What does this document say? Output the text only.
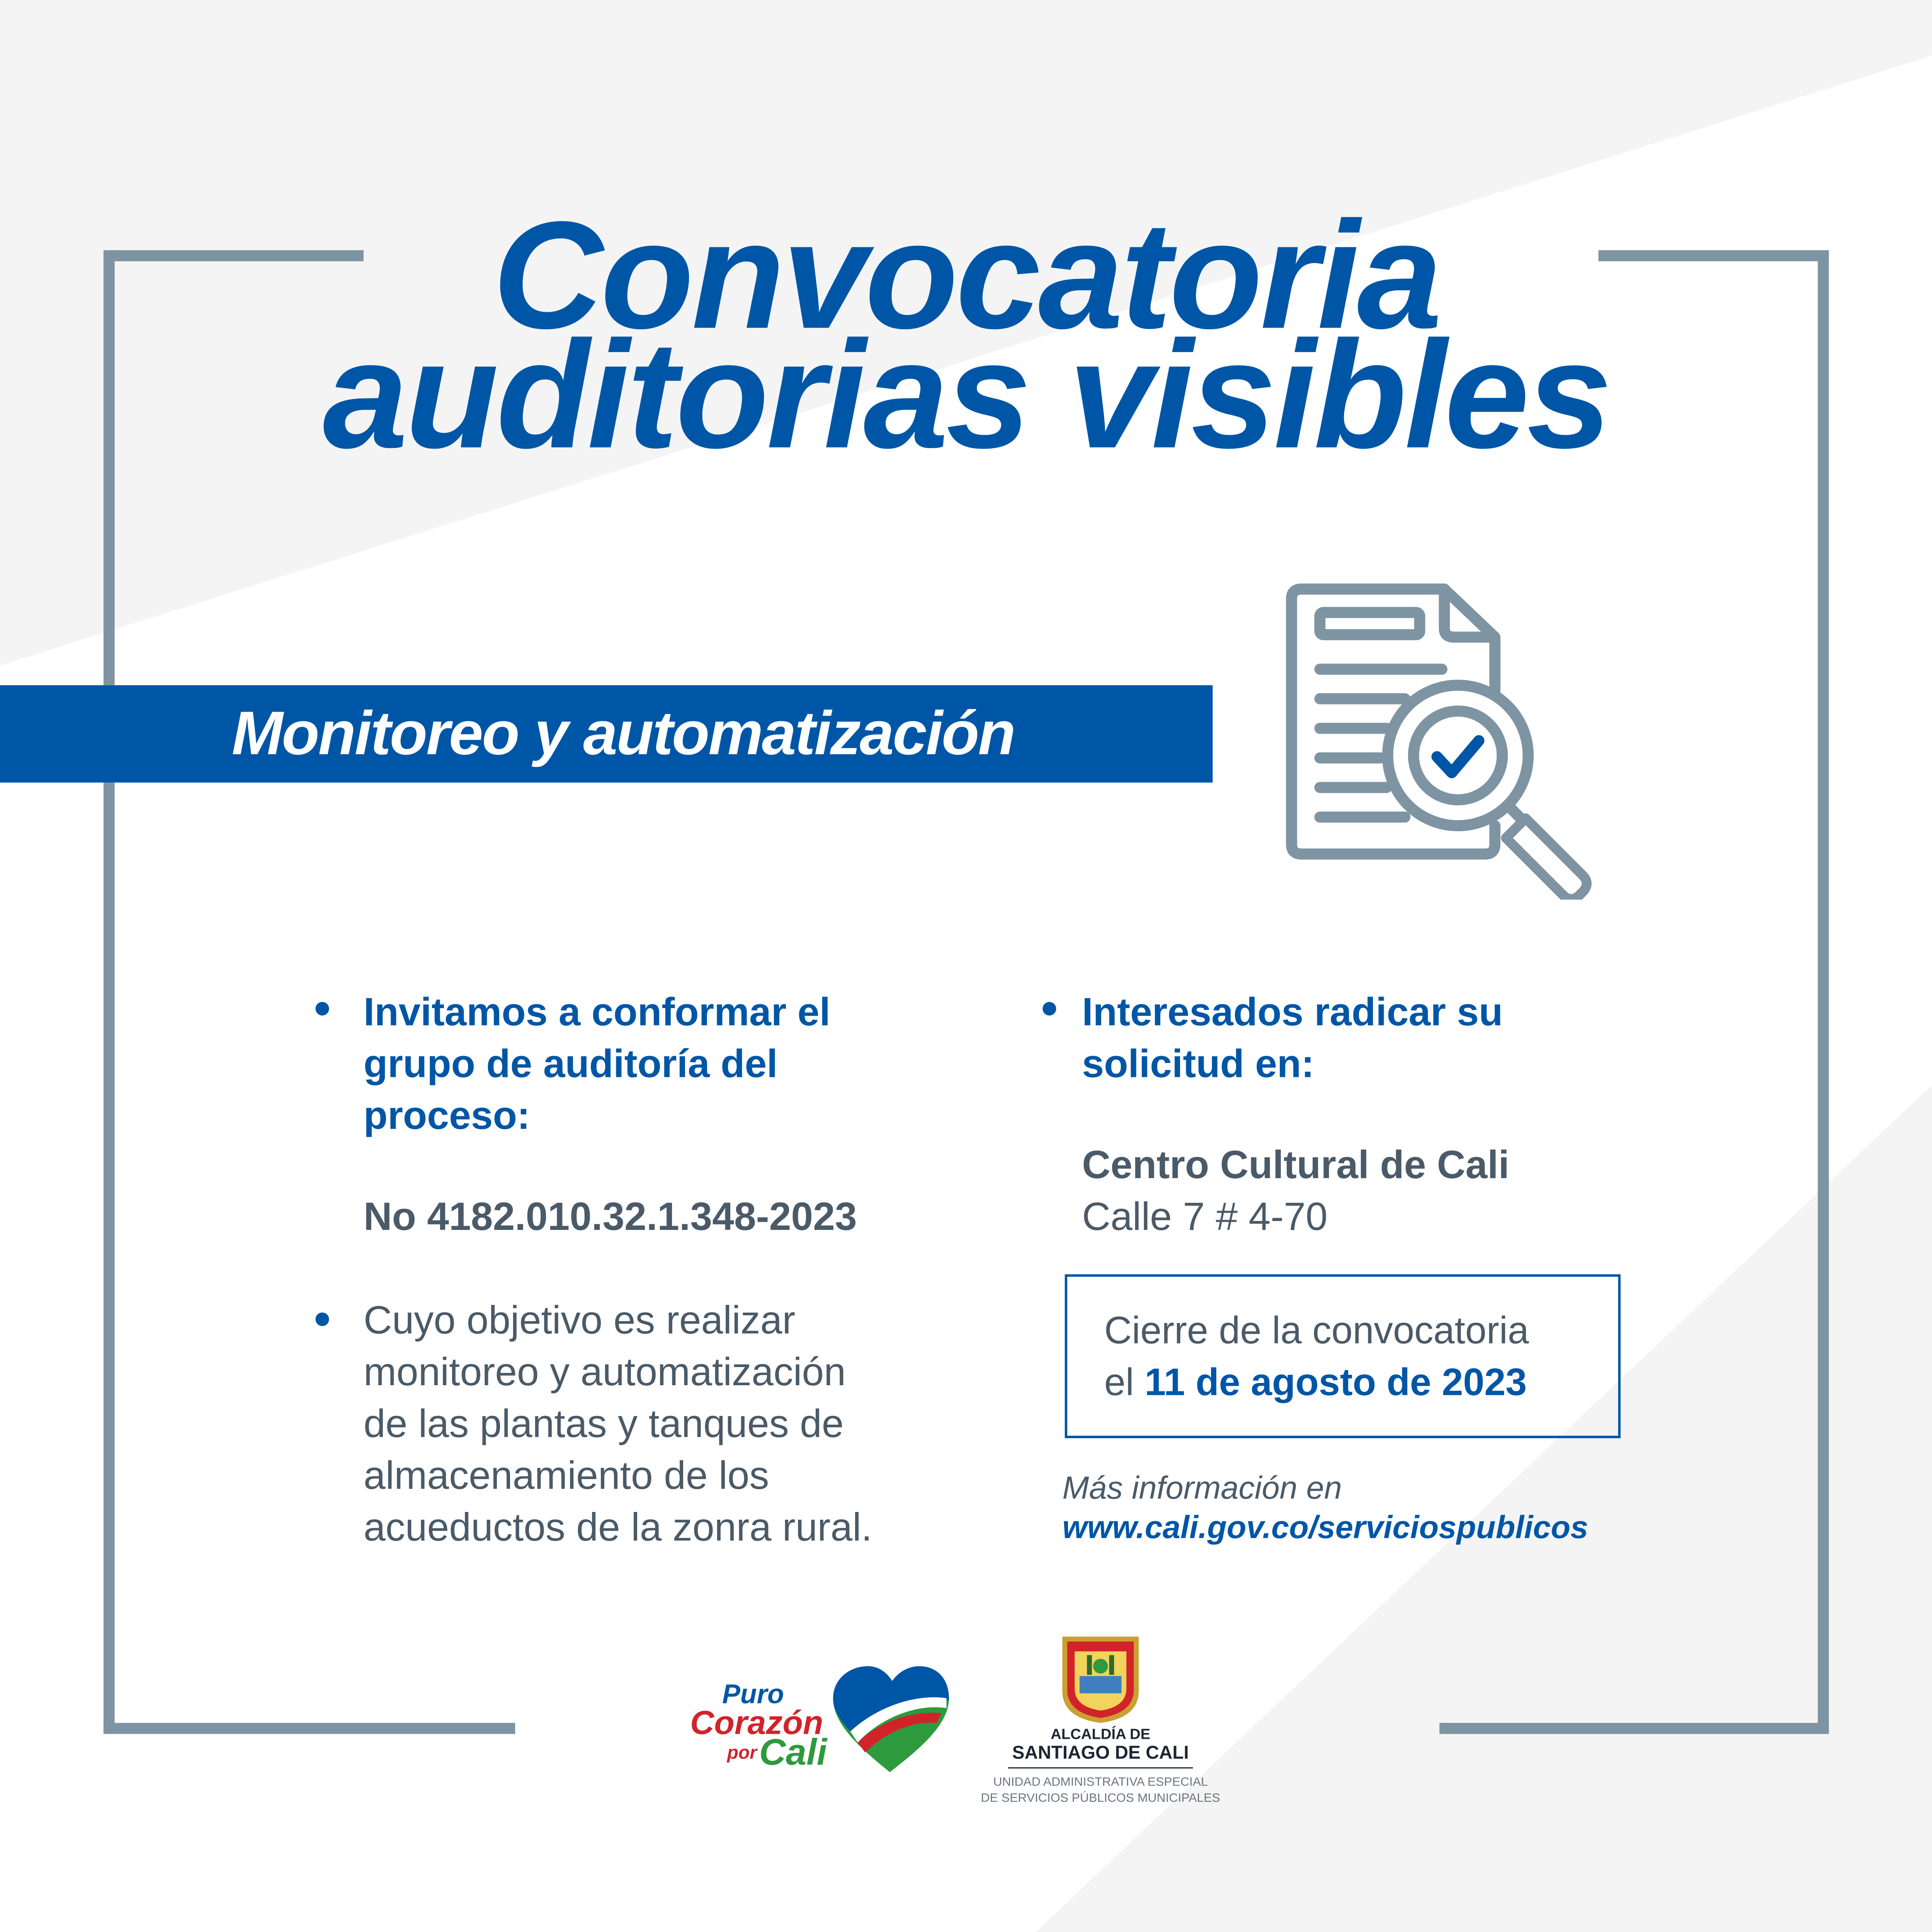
Convocatoria
auditorias visibles
Monitoreo y automatización
Invitamos a conformar el
grupo de auditoría del
proceso:
No 4182.010.32.1.348-2023
Cuyo objetivo es realizar
monitoreo y automatización
de las plantas y tanques de
almacenamiento de los
acueductos de la zonra rural.
Interesados radicar su
solicitud en:
Centro Cultural de Cali
Calle 7 # 4-70
Cierre de la convocatoria
el 11 de agosto de 2023
Más información en
www.cali.gov.co/serviciospublicos
Puro
Corazón
por Cali	ALCALDÍA DE
SANTIAGO DE CALI
UNIDAD ADMINISTRATIVA ESPECIAL
DE SERVICIOS PÚBLICOS MUNICIPALES
